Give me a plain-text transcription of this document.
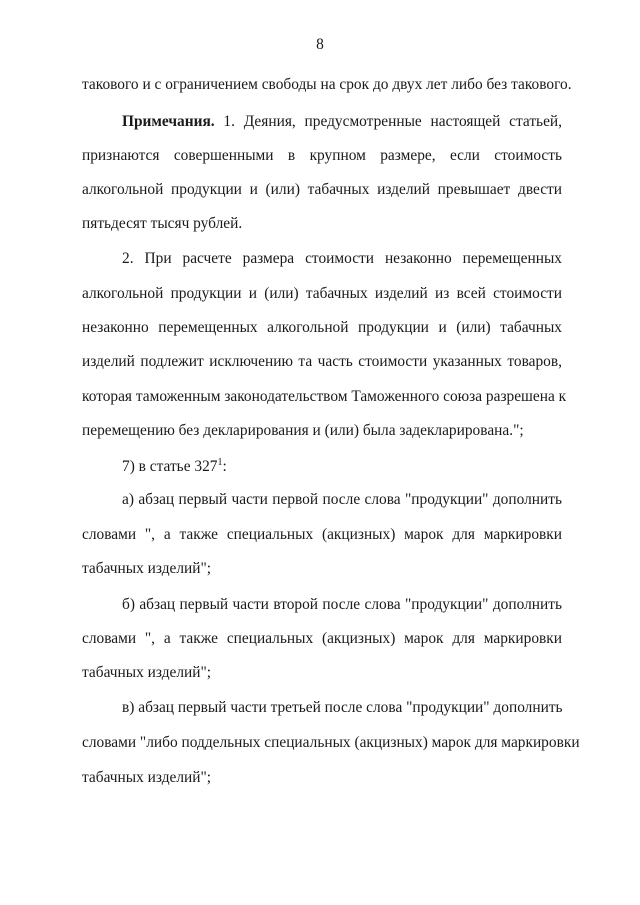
8
такового и с ограничением свободы на срок до двух лет либо без такового.
Примечания. 1. Деяния, предусмотренные настоящей статьей,
признаются совершенными в крупном размере, если стоимость
алкогольной продукции и (или) табачных изделий превышает двести
пятьдесят тысяч рублей.
2. При расчете размера стоимости незаконно перемещенных
алкогольной продукции и (или) табачных изделий из всей стоимости
незаконно перемещенных алкогольной продукции и (или) табачных
изделий подлежит исключению та часть стоимости указанных товаров,
которая таможенным законодательством Таможенного союза разрешена к
перемещению без декларирования и (или) была задекларирована.";
7) в статье $327^1$:
а) абзац первый части первой после слова "продукции" дополнить
словами ", а также специальных (акцизных) марок для маркировки
табачных изделий";
б) абзац первый части второй после слова "продукции" дополнить
словами ", а также специальных (акцизных) марок для маркировки
табачных изделий";
в) абзац первый части третьей после слова "продукции" дополнить
словами "либо поддельных специальных (акцизных) марок для маркировки
табачных изделий";
